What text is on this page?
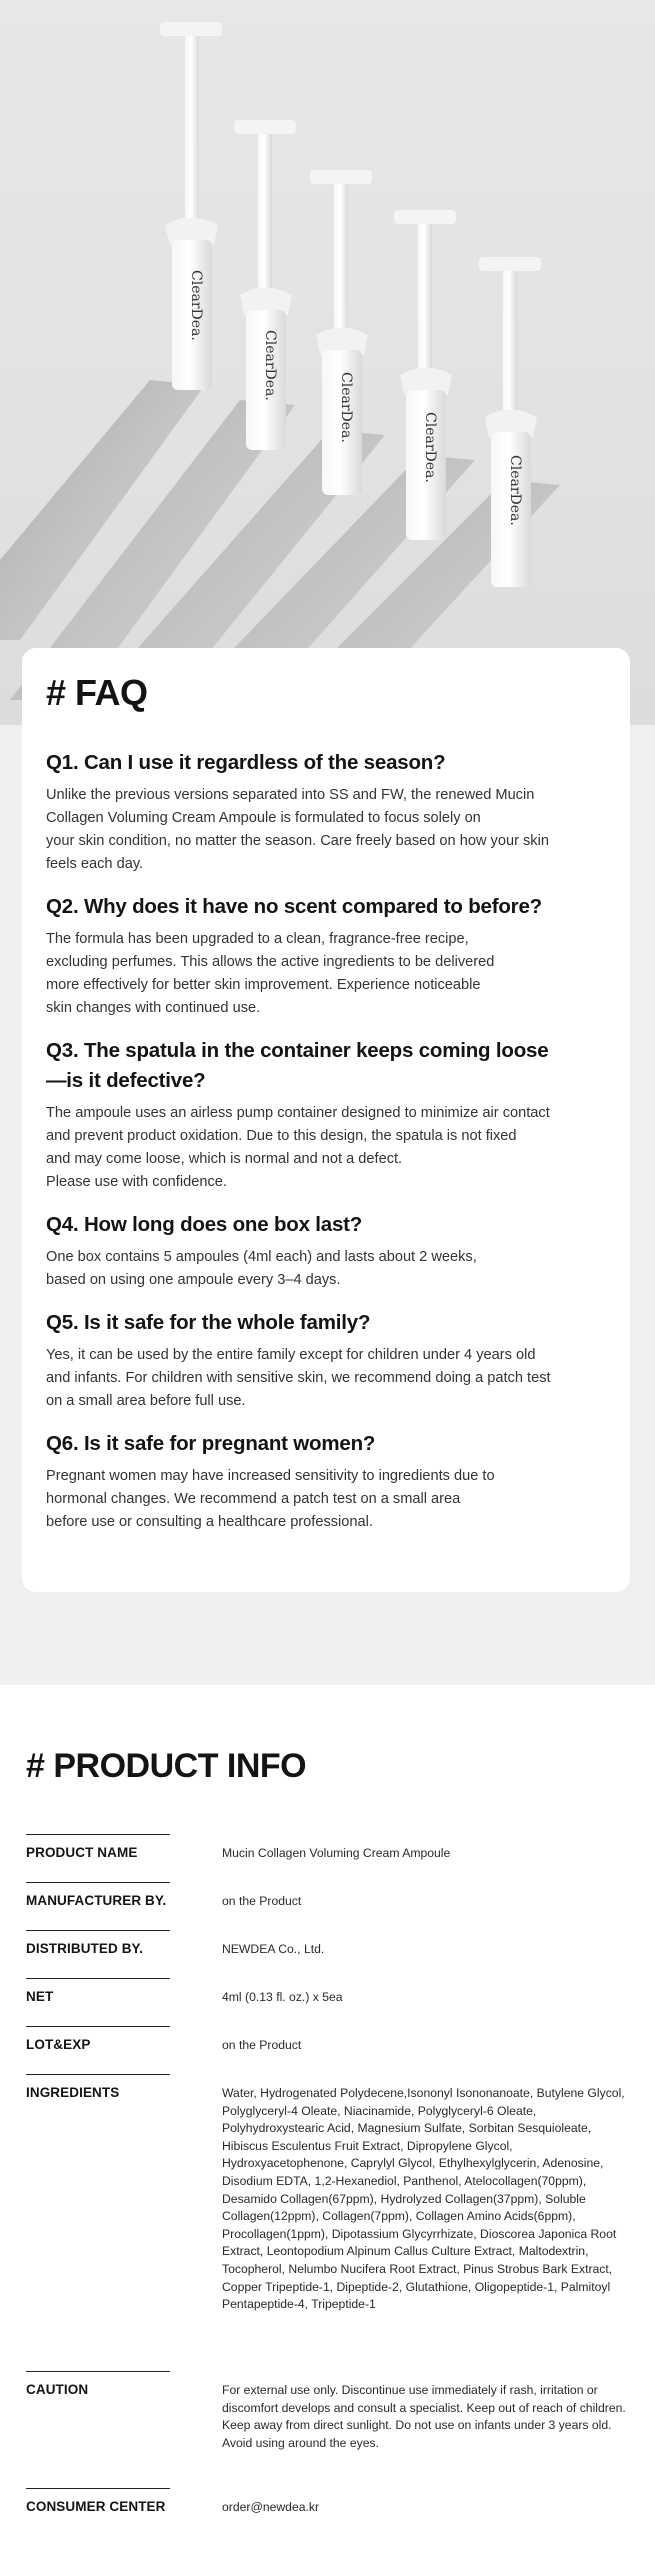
ClearDea.
ClearDea.
ClearDea.
ClearDea.
ClearDea.
# FAQ
Q1. Can I use it regardless of the season?
Unlike the previous versions separated into SS and FW, the renewed Mucin
Collagen Voluming Cream Ampoule is formulated to focus solely on
your skin condition, no matter the season. Care freely based on how your skin
feels each day.
Q2. Why does it have no scent compared to before?
The formula has been upgraded to a clean, fragrance-free recipe,
excluding perfumes. This allows the active ingredients to be delivered
more effectively for better skin improvement. Experience noticeable
skin changes with continued use.
Q3. The spatula in the container keeps coming loose
—is it defective?
The ampoule uses an airless pump container designed to minimize air contact
and prevent product oxidation. Due to this design, the spatula is not fixed
and may come loose, which is normal and not a defect.
Please use with confidence.
Q4. How long does one box last?
One box contains 5 ampoules (4ml each) and lasts about 2 weeks,
based on using one ampoule every 3–4 days.
Q5. Is it safe for the whole family?
Yes, it can be used by the entire family except for children under 4 years old
and infants. For children with sensitive skin, we recommend doing a patch test
on a small area before full use.
Q6. Is it safe for pregnant women?
Pregnant women may have increased sensitivity to ingredients due to
hormonal changes. We recommend a patch test on a small area
before use or consulting a healthcare professional.
# PRODUCT INFO
PRODUCT NAME	Mucin Collagen Voluming Cream Ampoule
MANUFACTURER BY.	on the Product
DISTRIBUTED BY.	NEWDEA Co., Ltd.
NET	4ml (0.13 fl. oz.) x 5ea
LOT&EXP	on the Product
INGREDIENTS	Water, Hydrogenated Polydecene,Isononyl Isononanoate, Butylene Glycol, Polyglyceryl-4 Oleate, Niacinamide, Polyglyceryl-6 Oleate, Polyhydroxystearic Acid, Magnesium Sulfate, Sorbitan Sesquioleate, Hibiscus Esculentus Fruit Extract, Dipropylene Glycol, Hydroxyacetophenone, Caprylyl Glycol, Ethylhexylglycerin, Adenosine, Disodium EDTA, 1,2-Hexanediol, Panthenol, Atelocollagen(70ppm), Desamido Collagen(67ppm), Hydrolyzed Collagen(37ppm), Soluble Collagen(12ppm), Collagen(7ppm), Collagen Amino Acids(6ppm), Procollagen(1ppm), Dipotassium Glycyrrhizate, Dioscorea Japonica Root Extract, Leontopodium Alpinum Callus Culture Extract, Maltodextrin, Tocopherol, Nelumbo Nucifera Root Extract, Pinus Strobus Bark Extract, Copper Tripeptide-1, Dipeptide-2, Glutathione, Oligopeptide-1, Palmitoyl Pentapeptide-4, Tripeptide-1
CAUTION	For external use only. Discontinue use immediately if rash, irritation or discomfort develops and consult a specialist. Keep out of reach of children. Keep away from direct sunlight. Do not use on infants under 3 years old. Avoid using around the eyes.
CONSUMER CENTER	order@newdea.kr
